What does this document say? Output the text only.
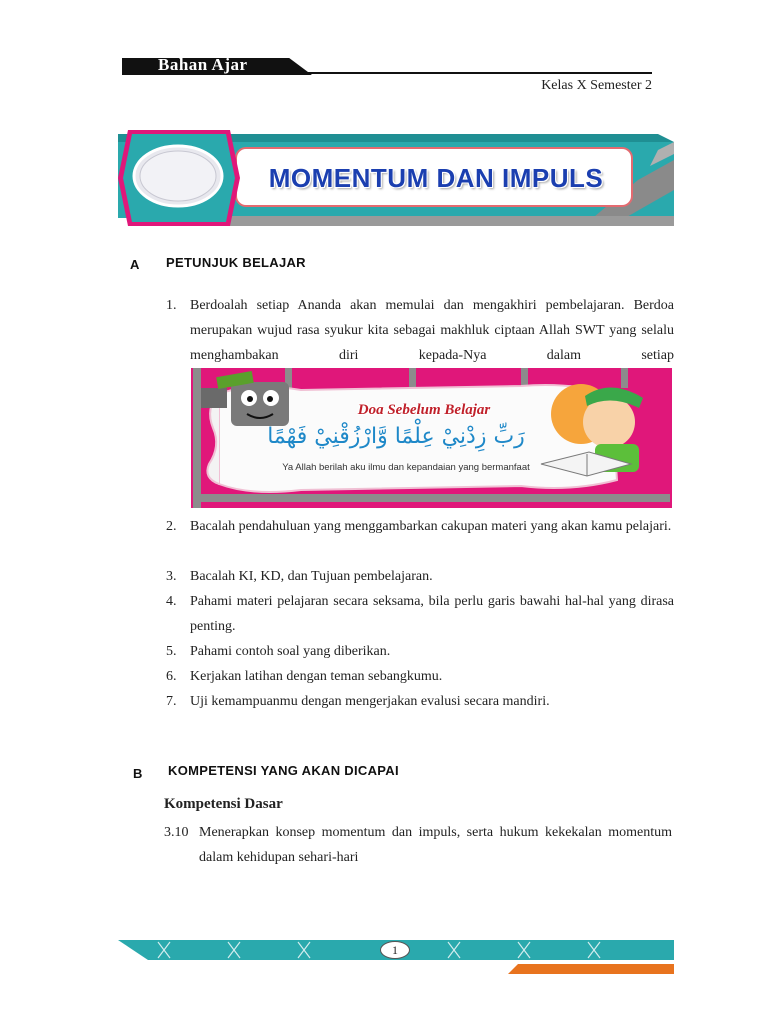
Bahan Ajar
Kelas X Semester 2
MOMENTUM DAN IMPULS
A PETUNJUK BELAJAR
1. Berdoalah setiap Ananda akan memulai dan mengakhiri pembelajaran. Berdoa merupakan wujud rasa syukur kita sebagai makhluk ciptaan Allah SWT yang selalu menghambakan diri kepada-Nya dalam setiap
Doa Sebelum Belajar
رَبِّ زِدْنِيْ عِلْمًا وَّارْزُقْنِيْ فَهْمًا
Ya Allah berilah aku ilmu dan kepandaian yang bermanfaat
2. Bacalah pendahuluan yang menggambarkan cakupan materi yang akan kamu pelajari.
3. Bacalah KI, KD, dan Tujuan pembelajaran.
4. Pahami materi pelajaran secara seksama, bila perlu garis bawahi hal-hal yang dirasa penting.
5. Pahami contoh soal yang diberikan.
6. Kerjakan latihan dengan teman sebangkumu.
7. Uji kemampuanmu dengan mengerjakan evalusi secara mandiri.
B KOMPETENSI YANG AKAN DICAPAI
Kompetensi Dasar
3.10 Menerapkan konsep momentum dan impuls, serta hukum kekekalan momentum dalam kehidupan sehari-hari
1
